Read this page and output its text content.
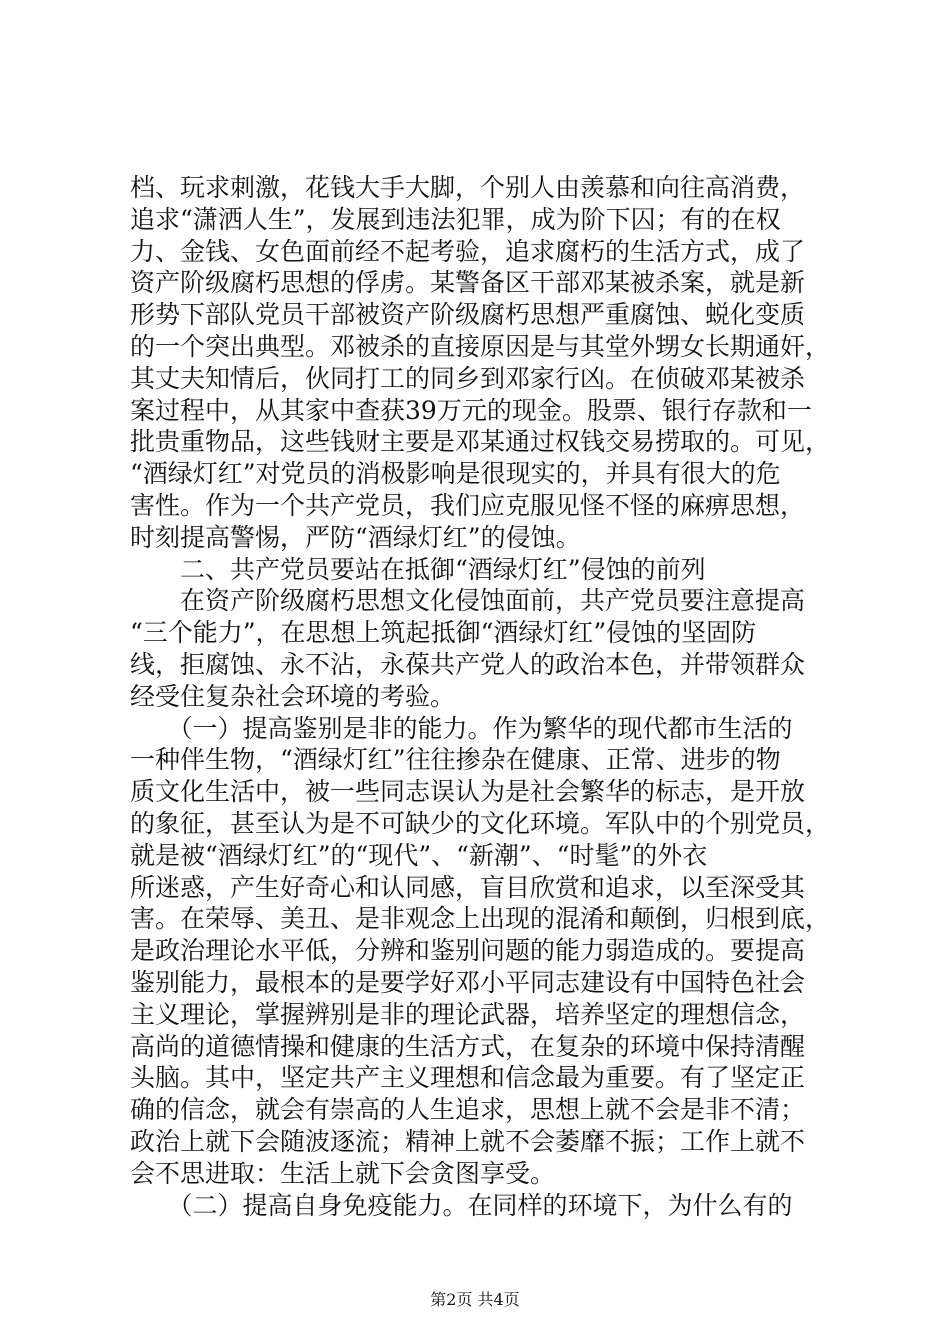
档、玩求刺激，花钱大手大脚，个别人由羡慕和向往高消费，
追求“潇洒人生”，发展到违法犯罪，成为阶下囚；有的在权
力、金钱、女色面前经不起考验，追求腐朽的生活方式，成了
资产阶级腐朽思想的俘虏。某警备区干部邓某被杀案，就是新
形势下部队党员干部被资产阶级腐朽思想严重腐蚀、蜕化变质
的一个突出典型。邓被杀的直接原因是与其堂外甥女长期通奸，
其丈夫知情后，伙同打工的同乡到邓家行凶。在侦破邓某被杀
案过程中，从其家中查获39万元的现金。股票、银行存款和一
批贵重物品，这些钱财主要是邓某通过权钱交易捞取的。可见，
“酒绿灯红”对党员的消极影响是很现实的，并具有很大的危
害性。作为一个共产党员，我们应克服见怪不怪的麻痹思想，
时刻提高警惕，严防“酒绿灯红”的侵蚀。
　　二、共产党员要站在抵御“酒绿灯红”侵蚀的前列
　　在资产阶级腐朽思想文化侵蚀面前，共产党员要注意提高
“三个能力”，在思想上筑起抵御“酒绿灯红”侵蚀的坚固防
线，拒腐蚀、永不沾，永葆共产党人的政治本色，并带领群众
经受住复杂社会环境的考验。
　　（一）提高鉴别是非的能力。作为繁华的现代都市生活的
一种伴生物，“酒绿灯红”往往掺杂在健康、正常、进步的物
质文化生活中，被一些同志误认为是社会繁华的标志，是开放
的象征，甚至认为是不可缺少的文化环境。军队中的个别党员，
就是被“酒绿灯红”的“现代”、“新潮”、“时髦”的外衣
所迷惑，产生好奇心和认同感，盲目欣赏和追求，以至深受其
害。在荣辱、美丑、是非观念上出现的混淆和颠倒，归根到底，
是政治理论水平低，分辨和鉴别问题的能力弱造成的。要提高
鉴别能力，最根本的是要学好邓小平同志建设有中国特色社会
主义理论，掌握辨别是非的理论武器，培养坚定的理想信念，
高尚的道德情操和健康的生活方式，在复杂的环境中保持清醒
头脑。其中，坚定共产主义理想和信念最为重要。有了坚定正
确的信念，就会有崇高的人生追求，思想上就不会是非不清；
政治上就下会随波逐流；精神上就不会萎靡不振；工作上就不
会不思进取：生活上就下会贪图享受。
　　（二）提高自身免疫能力。在同样的环境下，为什么有的
第2页 共4页
